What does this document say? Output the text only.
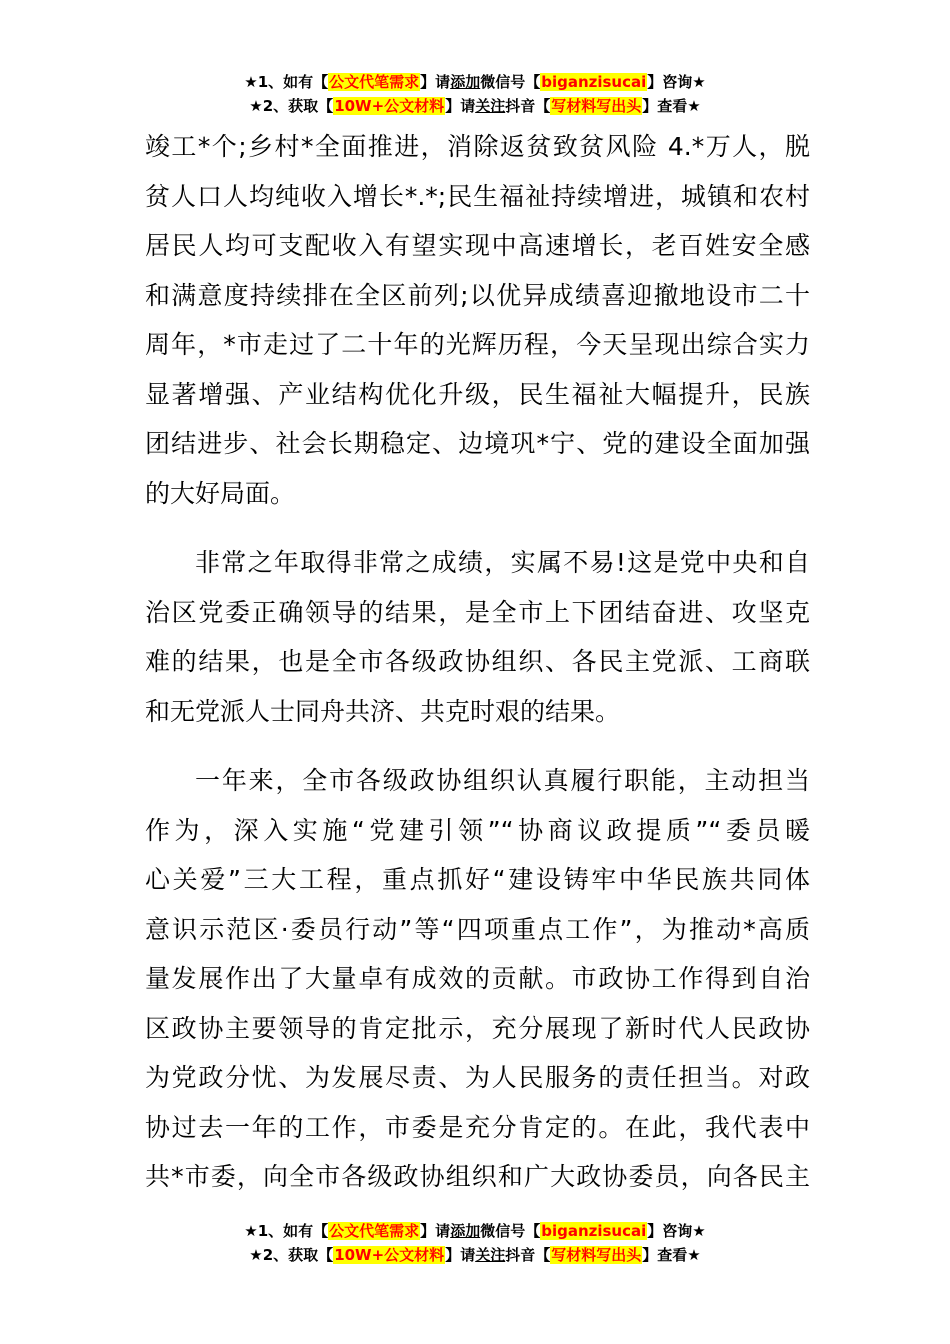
★1、如有【公文代笔需求】请添加微信号【biganzisucai】咨询★
★2、获取【10W+公文材料】请关注抖音【写材料写出头】查看★
竣工*个;乡村*全面推进，消除返贫致贫风险 4.*万人，脱
贫人口人均纯收入增长*.*;民生福祉持续增进，城镇和农村
居民人均可支配收入有望实现中高速增长，老百姓安全感
和满意度持续排在全区前列;以优异成绩喜迎撤地设市二十
周年，*市走过了二十年的光辉历程，今天呈现出综合实力
显著增强、产业结构优化升级，民生福祉大幅提升，民族
团结进步、社会长期稳定、边境巩*宁、党的建设全面加强
的大好局面。
非常之年取得非常之成绩，实属不易!这是党中央和自
治区党委正确领导的结果，是全市上下团结奋进、攻坚克
难的结果，也是全市各级政协组织、各民主党派、工商联
和无党派人士同舟共济、共克时艰的结果。
一年来，全市各级政协组织认真履行职能，主动担当
作为，深入实施“党建引领”“协商议政提质”“委员暖
心关爱”三大工程，重点抓好“建设铸牢中华民族共同体
意识示范区·委员行动”等“四项重点工作”，为推动*高质
量发展作出了大量卓有成效的贡献。市政协工作得到自治
区政协主要领导的肯定批示，充分展现了新时代人民政协
为党政分忧、为发展尽责、为人民服务的责任担当。对政
协过去一年的工作，市委是充分肯定的。在此，我代表中
共*市委，向全市各级政协组织和广大政协委员，向各民主
★1、如有【公文代笔需求】请添加微信号【biganzisucai】咨询★
★2、获取【10W+公文材料】请关注抖音【写材料写出头】查看★
